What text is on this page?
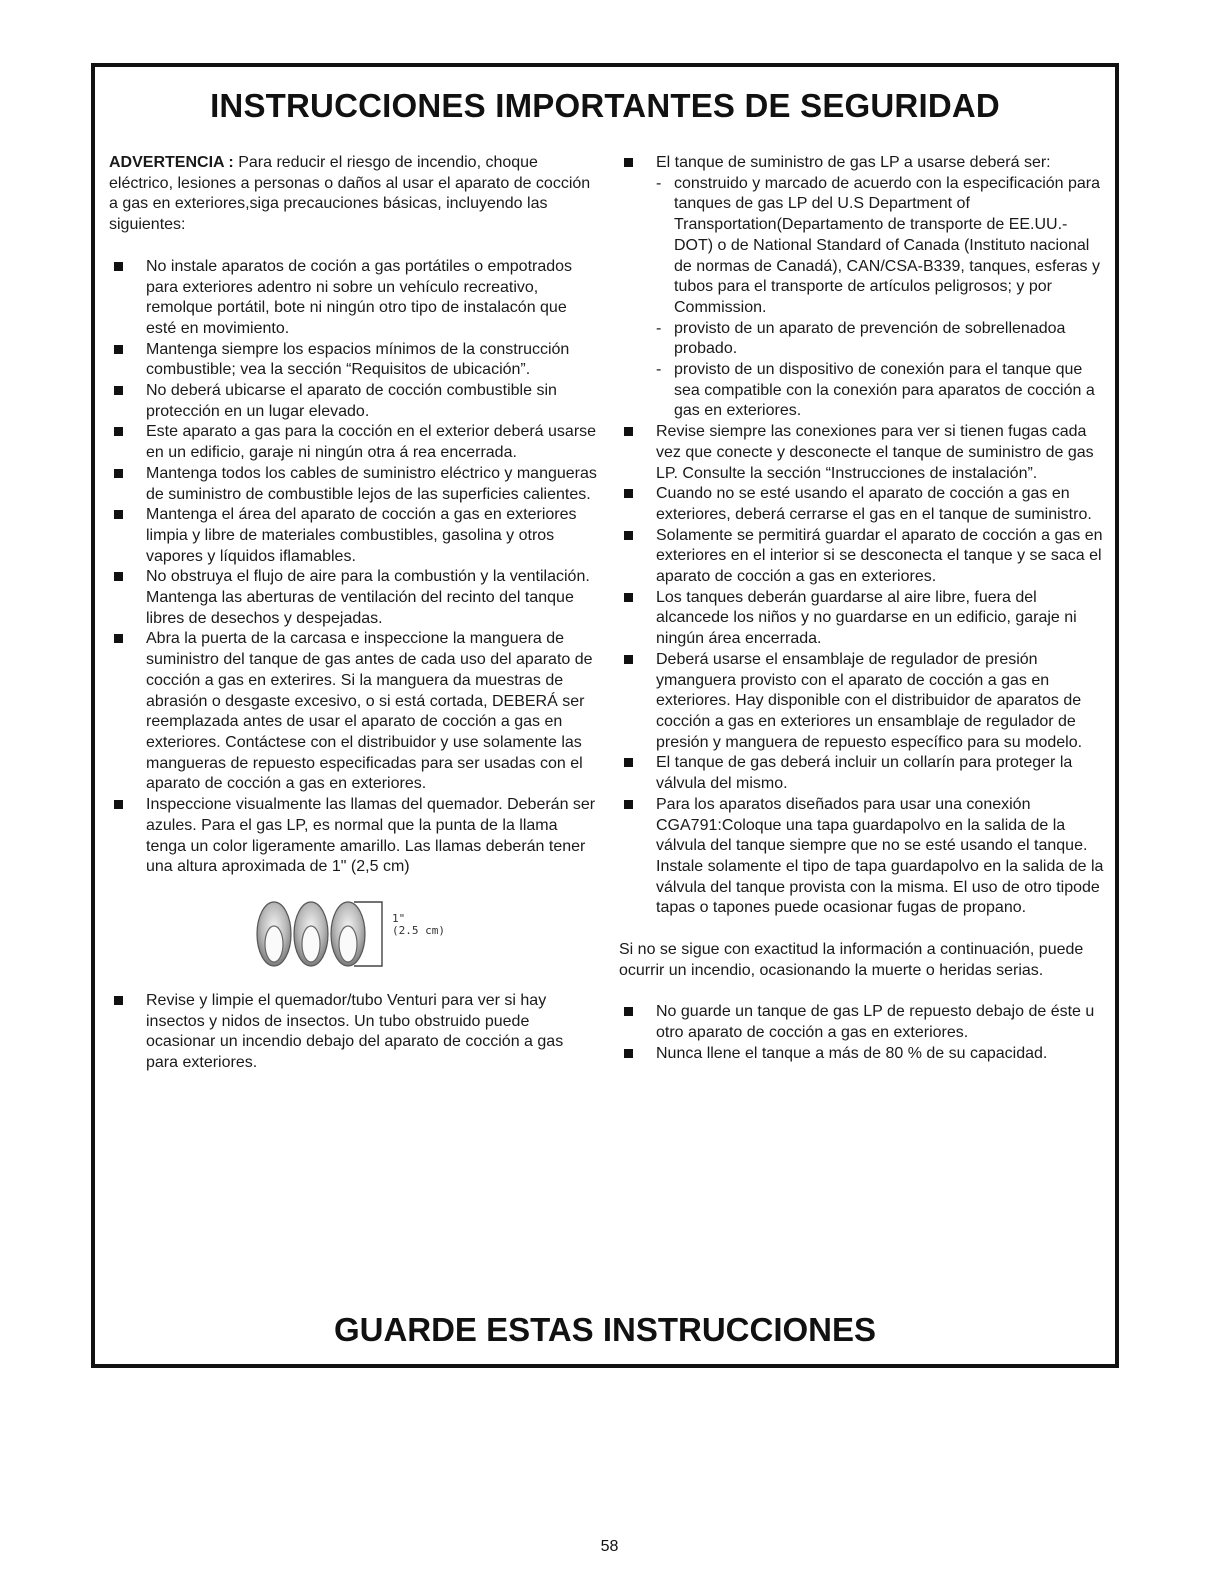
INSTRUCCIONES IMPORTANTES DE SEGURIDAD

ADVERTENCIA : Para reducir el riesgo de incendio, choque eléctrico, lesiones a personas o daños al usar el aparato de cocción a gas en exteriores,siga precauciones básicas, incluyendo las siguientes:

No instale aparatos de coción a gas portátiles o empotrados para exteriores adentro ni sobre un vehículo recreativo, remolque portátil, bote ni ningún otro tipo de instalacón que esté en movimiento.
Mantenga siempre los espacios mínimos de la construcción combustible; vea la sección “Requisitos de ubicación”.
No deberá ubicarse el aparato de cocción combustible sin protección en un lugar elevado.
Este aparato a gas para la cocción en el exterior deberá usarse en un edificio, garaje ni ningún otra á rea encerrada.
Mantenga todos los cables de suministro eléctrico y mangueras de suministro de combustible lejos de las superficies calientes.
Mantenga el área del aparato de cocción a gas en exteriores limpia y libre de materiales combustibles, gasolina y otros vapores y líquidos iflamables.
No obstruya el flujo de aire para la combustión y la ventilación. Mantenga las aberturas de ventilación del recinto del tanque libres de desechos y despejadas.
Abra la puerta de la carcasa e inspeccione la manguera de suministro del tanque de gas antes de cada uso del aparato de cocción a gas en exterires. Si la manguera da muestras de abrasión o desgaste excesivo, o si está cortada, DEBERÁ ser reemplazada antes de usar el aparato de cocción a gas en exteriores. Contáctese con el distribuidor y use solamente las mangueras de repuesto especificadas para ser usadas con el aparato de cocción a gas en exteriores.
Inspeccione visualmente las llamas del quemador. Deberán ser azules. Para el gas LP, es normal que la punta de la llama tenga un color ligeramente amarillo. Las llamas deberán tener una altura aproximada de 1" (2,5 cm)
1"
(2.5 cm)
Revise y limpie el quemador/tubo Venturi para ver si hay insectos y nidos de insectos. Un tubo obstruido puede ocasionar un incendio debajo del aparato de cocción a gas para exteriores.
El tanque de suministro de gas LP a usarse deberá ser:
- construido y marcado de acuerdo con la especificación para tanques de gas LP del U.S Department of Transportation(Departamento de transporte de EE.UU.-DOT) o de National Standard of Canada (Instituto nacional de normas de Canadá), CAN/CSA-B339, tanques, esferas y tubos para el transporte de artículos peligrosos; y por Commission.
- provisto de un aparato de prevención de sobrellenadoa probado.
- provisto de un dispositivo de conexión para el tanque que sea compatible con la conexión para aparatos de cocción a gas en exteriores.
Revise siempre las conexiones para ver si tienen fugas cada vez que conecte y desconecte el tanque de suministro de gas LP. Consulte la sección “Instrucciones de instalación”.
Cuando no se esté usando el aparato de cocción a gas en exteriores, deberá cerrarse el gas en el tanque de suministro.
Solamente se permitirá guardar el aparato de cocción a gas en exteriores en el interior si se desconecta el tanque y se saca el aparato de cocción a gas en exteriores.
Los tanques deberán guardarse al aire libre, fuera del alcancede los niños y no guardarse en un edificio, garaje ni ningún área encerrada.
Deberá usarse el ensamblaje de regulador de presión ymanguera provisto con el aparato de cocción a gas en exteriores. Hay disponible con el distribuidor de aparatos de cocción a gas en exteriores un ensamblaje de regulador de presión y manguera de repuesto específico para su modelo.
El tanque de gas deberá incluir un collarín para proteger la válvula del mismo.
Para los aparatos diseñados para usar una conexión CGA791:Coloque una tapa guardapolvo en la salida de la válvula del tanque siempre que no se esté usando el tanque. Instale solamente el tipo de tapa guardapolvo en la salida de la válvula del tanque provista con la misma. El uso de otro tipode tapas o tapones puede ocasionar fugas de propano.

Si no se sigue con exactitud la información a continuación, puede ocurrir un incendio, ocasionando la muerte o heridas serias.

No guarde un tanque de gas LP de repuesto debajo de éste u otro aparato de cocción a gas en exteriores.
Nunca llene el tanque a más de 80 % de su capacidad.
GUARDE ESTAS INSTRUCCIONES
58
